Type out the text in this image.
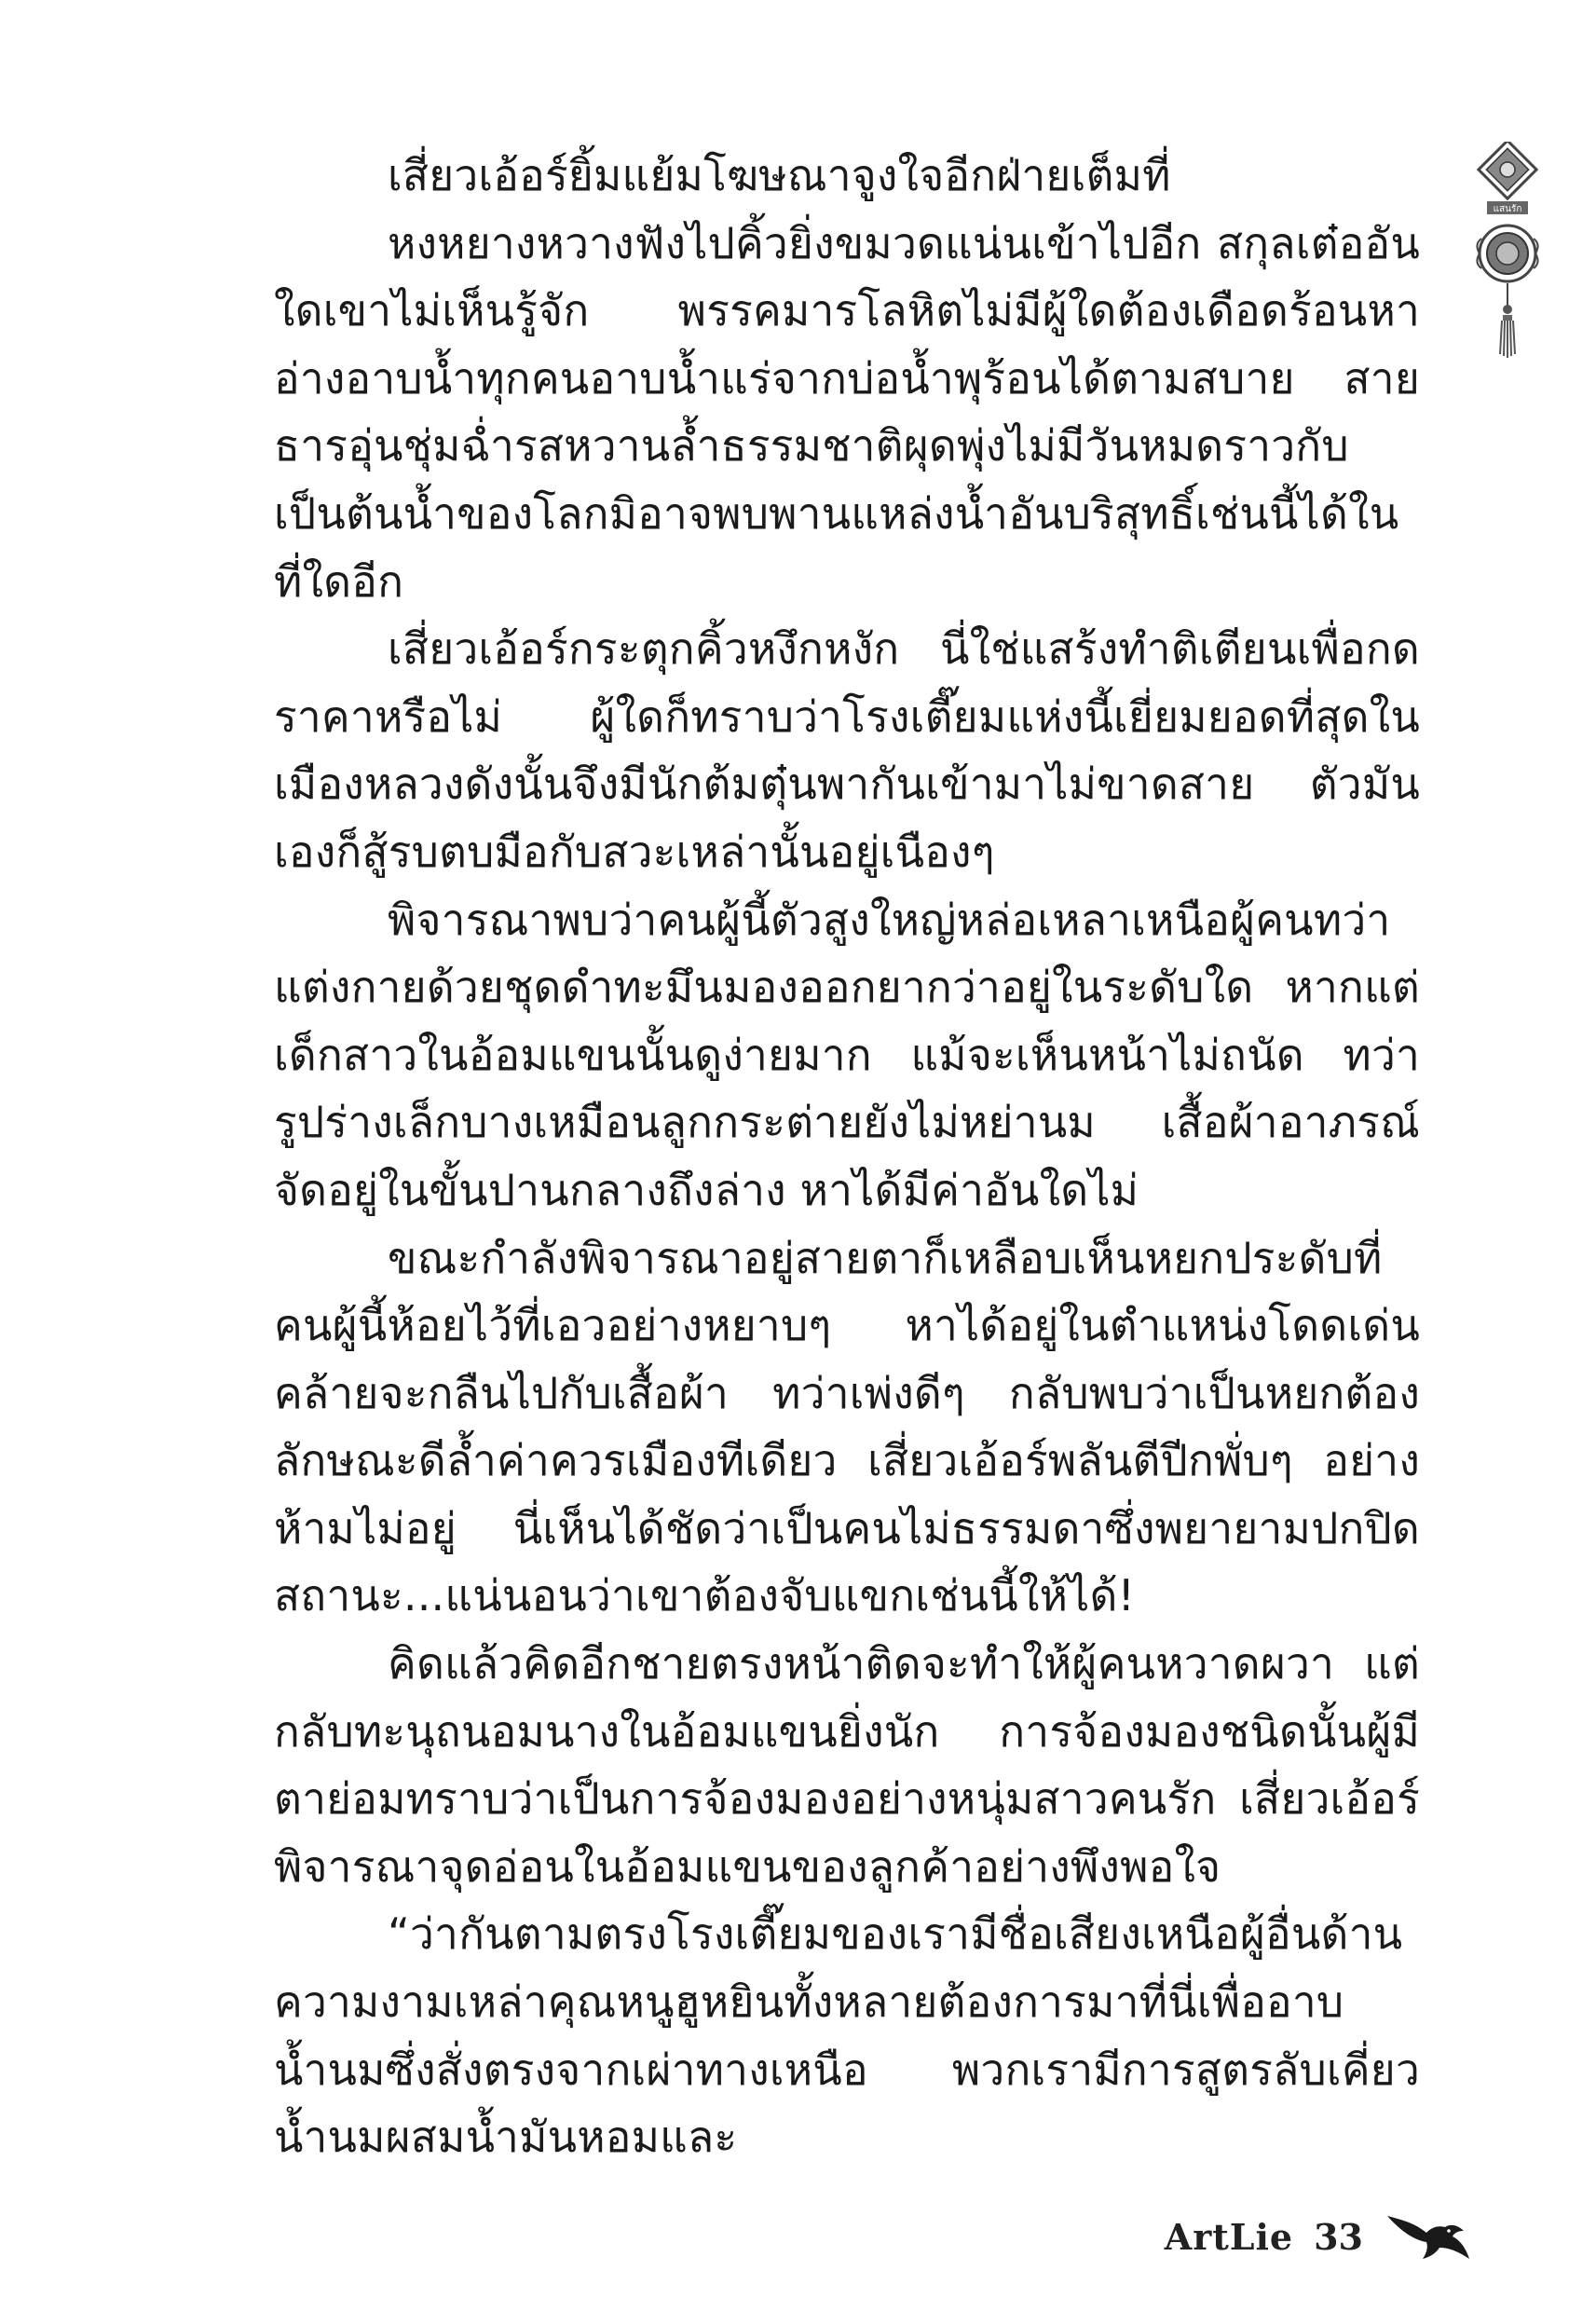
เสี่ยวเอ้อร์ยิ้มแย้มโฆษณาจูงใจอีกฝ่ายเต็มที่

หงหยางหวางฟังไปคิ้วยิ่งขมวดแน่นเข้าไปอีก สกุลเต๋ออันใดเขาไม่เห็นรู้จัก พรรคมารโลหิตไม่มีผู้ใดต้องเดือดร้อนหาอ่างอาบน้ำทุกคนอาบน้ำแร่จากบ่อน้ำพุร้อนได้ตามสบาย สายธารอุ่นชุ่มฉ่ำรสหวานล้ำธรรมชาติผุดพุ่งไม่มีวันหมดราวกับเป็นต้นน้ำของโลกมิอาจพบพานแหล่งน้ำอันบริสุทธิ์เช่นนี้ได้ในที่ใดอีก

เสี่ยวเอ้อร์กระตุกคิ้วหงึกหงัก นี่ใช่แสร้งทำติเตียนเพื่อกดราคาหรือไม่ ผู้ใดก็ทราบว่าโรงเตี๊ยมแห่งนี้เยี่ยมยอดที่สุดในเมืองหลวงดังนั้นจึงมีนักต้มตุ๋นพากันเข้ามาไม่ขาดสาย ตัวมันเองก็สู้รบตบมือกับสวะเหล่านั้นอยู่เนืองๆ

พิจารณาพบว่าคนผู้นี้ตัวสูงใหญ่หล่อเหลาเหนือผู้คนทว่าแต่งกายด้วยชุดดำทะมึนมองออกยากว่าอยู่ในระดับใด หากแต่เด็กสาวในอ้อมแขนนั้นดูง่ายมาก แม้จะเห็นหน้าไม่ถนัด ทว่ารูปร่างเล็กบางเหมือนลูกกระต่ายยังไม่หย่านม เสื้อผ้าอาภรณ์จัดอยู่ในขั้นปานกลางถึงล่าง หาได้มีค่าอันใดไม่

ขณะกำลังพิจารณาอยู่สายตาก็เหลือบเห็นหยกประดับที่คนผู้นี้ห้อยไว้ที่เอวอย่างหยาบๆ หาได้อยู่ในตำแหน่งโดดเด่นคล้ายจะกลืนไปกับเสื้อผ้า ทว่าเพ่งดีๆ กลับพบว่าเป็นหยกต้องลักษณะดีล้ำค่าควรเมืองทีเดียว เสี่ยวเอ้อร์พลันตีปีกพั่บๆ อย่างห้ามไม่อยู่ นี่เห็นได้ชัดว่าเป็นคนไม่ธรรมดาซึ่งพยายามปกปิดสถานะ...แน่นอนว่าเขาต้องจับแขกเช่นนี้ให้ได้!

คิดแล้วคิดอีกชายตรงหน้าติดจะทำให้ผู้คนหวาดผวา แต่กลับทะนุถนอมนางในอ้อมแขนยิ่งนัก การจ้องมองชนิดนั้นผู้มีตาย่อมทราบว่าเป็นการจ้องมองอย่างหนุ่มสาวคนรัก เสี่ยวเอ้อร์พิจารณาจุดอ่อนในอ้อมแขนของลูกค้าอย่างพึงพอใจ

“ว่ากันตามตรงโรงเตี๊ยมของเรามีชื่อเสียงเหนือผู้อื่นด้านความงามเหล่าคุณหนูฮูหยินทั้งหลายต้องการมาที่นี่เพื่ออาบน้ำนมซึ่งสั่งตรงจากเผ่าทางเหนือ พวกเรามีการสูตรลับเคี่ยวน้ำนมผสมน้ำมันหอมและ

แสนรัก
ArtLie 33
